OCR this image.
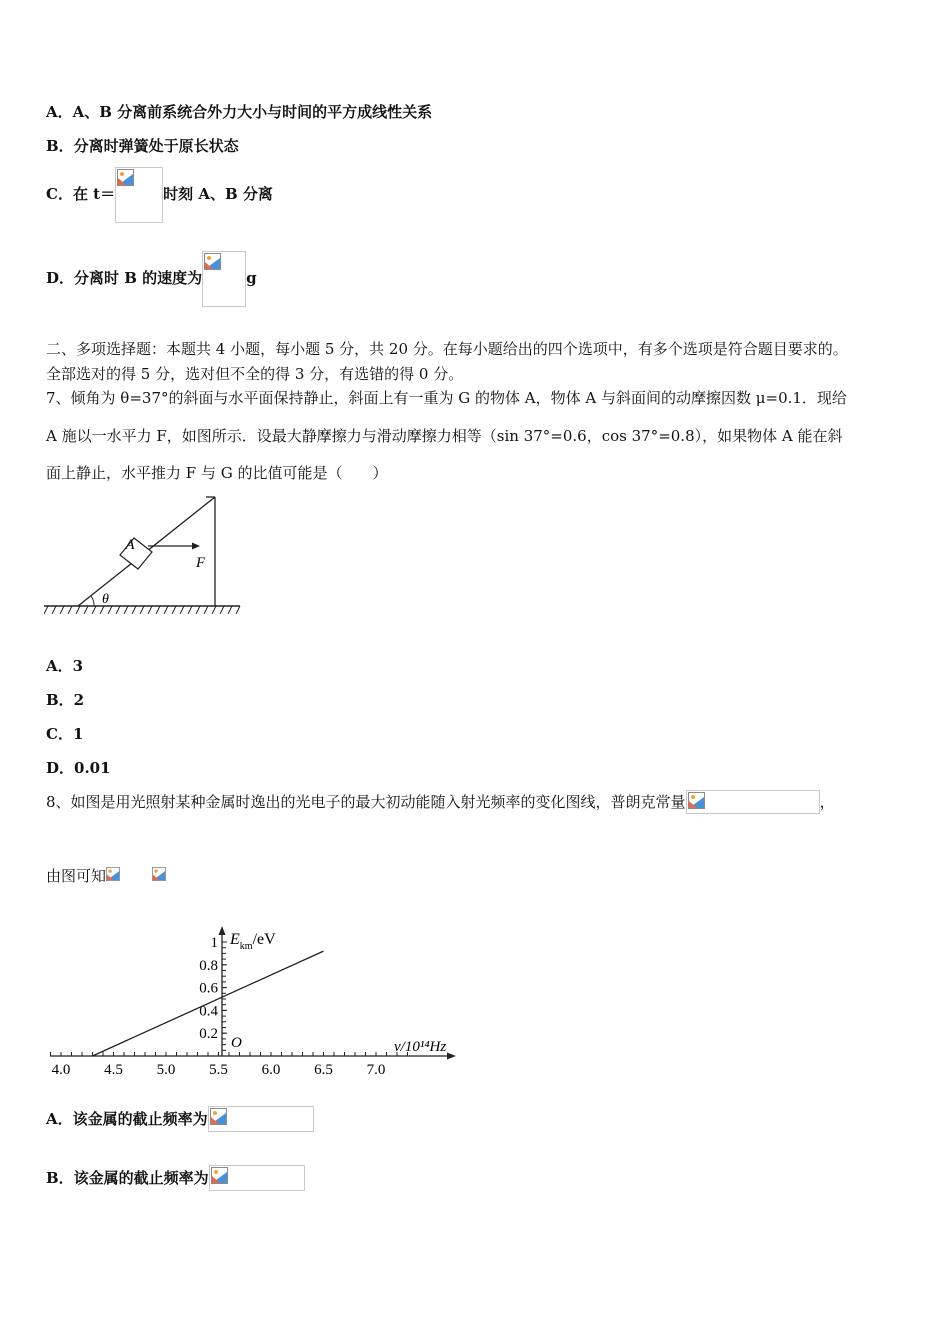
A．A、B 分离前系统合外力大小与时间的平方成线性关系
B．分离时弹簧处于原长状态
C．在 t＝	时刻 A、B 分离
D．分离时 B 的速度为	g
二、多项选择题：本题共 4 小题，每小题 5 分，共 20 分。在每小题给出的四个选项中，有多个选项是符合题目要求的。
全部选对的得 5 分，选对但不全的得 3 分，有选错的得 0 分。
7、倾角为 θ=37°的斜面与水平面保持静止，斜面上有一重为 G 的物体 A，物体 A 与斜面间的动摩擦因数 μ=0.1．现给
A 施以一水平力 F，如图所示．设最大静摩擦力与滑动摩擦力相等（sin 37°=0.6，cos 37°=0.8），如果物体 A 能在斜
面上静止，水平推力 F 与 G 的比值可能是（　　）
A
F
θ
A．3
B．2
C．1
D．0.01
8、如图是用光照射某种金属时逸出的光电子的最大初动能随入射光频率的变化图线，普朗克常量	，
由图可知
4.0 4.5 5.0 5.5 6.0 6.5 7.0
1
0.8
0.6
0.4
0.2
$E_{km}/eV$
ν/10¹⁴Hz
O
A．该金属的截止频率为
B．该金属的截止频率为
